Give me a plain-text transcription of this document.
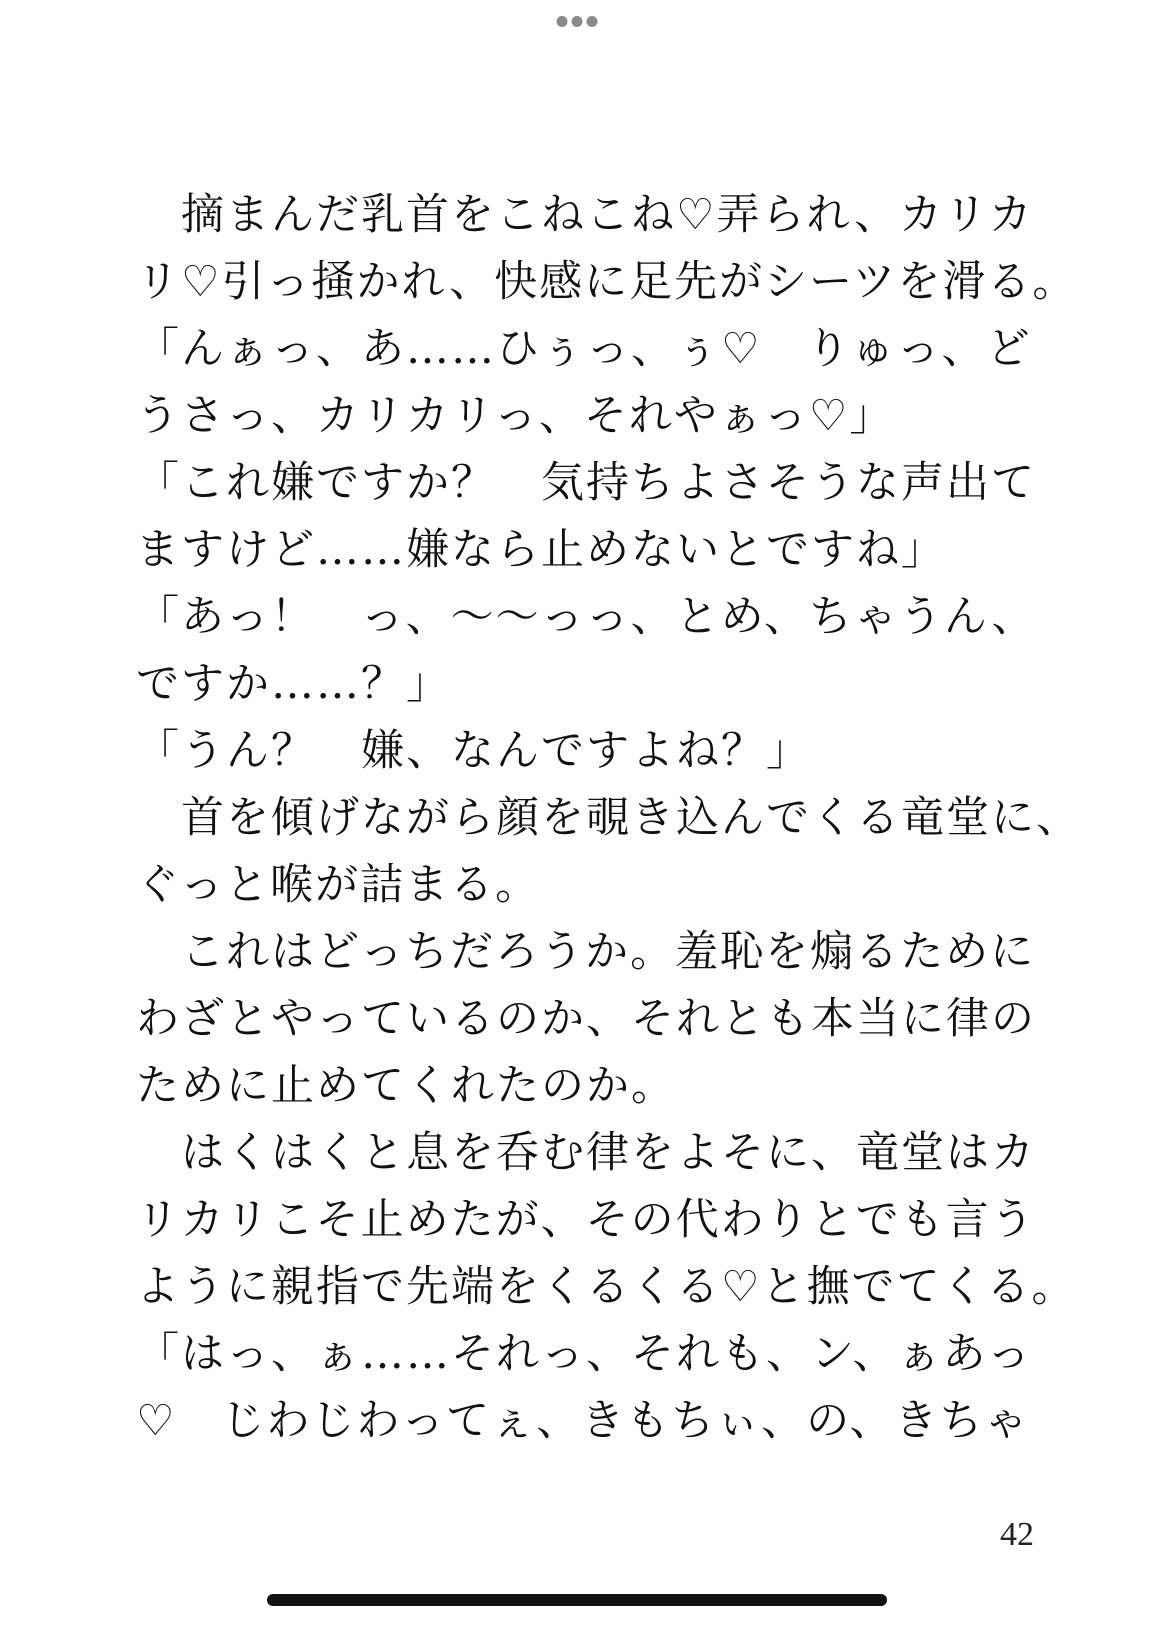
　摘まんだ乳首をこねこね♡弄られ、カリカ
リ♡引っ掻かれ、快感に足先がシーツを滑る。
「んぁっ、あ……ひぅっ、ぅ♡　りゅっ、ど
うさっ、カリカリっ、それやぁっ♡」
「これ嫌ですか？　気持ちよさそうな声出て
ますけど……嫌なら止めないとですね」
「あっ！　っ、〜〜っっ、とめ、ちゃうん、
ですか……？」
「うん？　嫌、なんですよね？」
　首を傾げながら顔を覗き込んでくる竜堂に、
ぐっと喉が詰まる。
　これはどっちだろうか。羞恥を煽るために
わざとやっているのか、それとも本当に律の
ために止めてくれたのか。
　はくはくと息を呑む律をよそに、竜堂はカ
リカリこそ止めたが、その代わりとでも言う
ように親指で先端をくるくる♡と撫でてくる。
「はっ、ぁ……それっ、それも、ン、ぁあっ
♡　じわじわってぇ、きもちぃ、の、きちゃ
42
